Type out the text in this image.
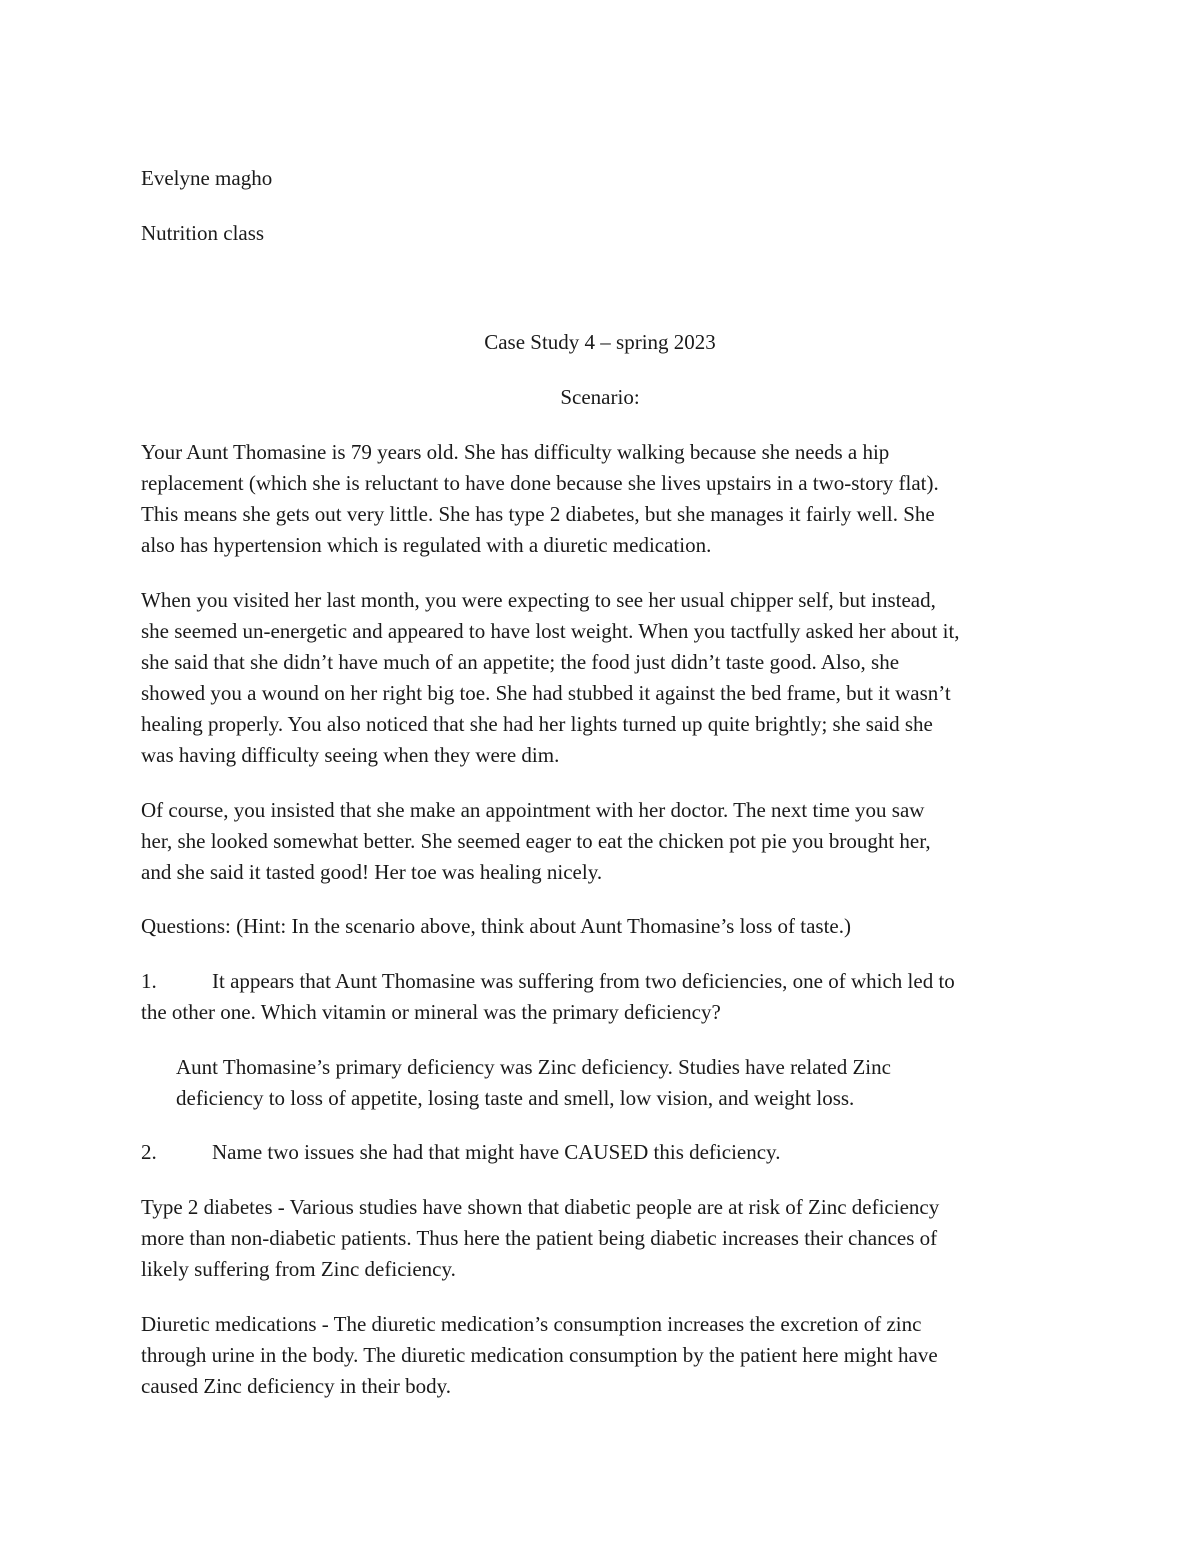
Evelyne magho
Nutrition class
Case Study 4 – spring 2023
Scenario:
Your Aunt Thomasine is 79 years old. She has difficulty walking because she needs a hip
replacement (which she is reluctant to have done because she lives upstairs in a two-story flat).
This means she gets out very little. She has type 2 diabetes, but she manages it fairly well. She
also has hypertension which is regulated with a diuretic medication.
When you visited her last month, you were expecting to see her usual chipper self, but instead,
she seemed un-energetic and appeared to have lost weight. When you tactfully asked her about it,
she said that she didn’t have much of an appetite; the food just didn’t taste good. Also, she
showed you a wound on her right big toe. She had stubbed it against the bed frame, but it wasn’t
healing properly. You also noticed that she had her lights turned up quite brightly; she said she
was having difficulty seeing when they were dim.
Of course, you insisted that she make an appointment with her doctor. The next time you saw
her, she looked somewhat better. She seemed eager to eat the chicken pot pie you brought her,
and she said it tasted good! Her toe was healing nicely.
Questions: (Hint: In the scenario above, think about Aunt Thomasine’s loss of taste.)
1.	It appears that Aunt Thomasine was suffering from two deficiencies, one of which led to
the other one. Which vitamin or mineral was the primary deficiency?
Aunt Thomasine’s primary deficiency was Zinc deficiency. Studies have related Zinc
deficiency to loss of appetite, losing taste and smell, low vision, and weight loss.
2.	Name two issues she had that might have CAUSED this deficiency.
Type 2 diabetes - Various studies have shown that diabetic people are at risk of Zinc deficiency
more than non-diabetic patients. Thus here the patient being diabetic increases their chances of
likely suffering from Zinc deficiency.
Diuretic medications - The diuretic medication’s consumption increases the excretion of zinc
through urine in the body. The diuretic medication consumption by the patient here might have
caused Zinc deficiency in their body.
